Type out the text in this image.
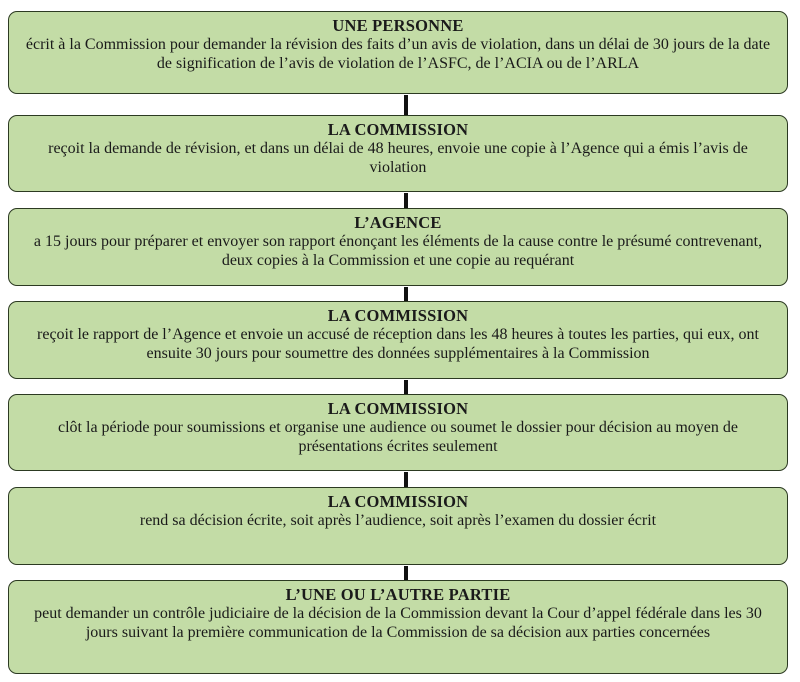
UNE PERSONNE
écrit à la Commission pour demander la révision des faits d’un avis de violation, dans un délai de 30 jours de la date de signification de l’avis de violation de l’ASFC, de l’ACIA ou de l’ARLA
LA COMMISSION
reçoit la demande de révision, et dans un délai de 48 heures, envoie une copie à l’Agence qui a émis l’avis de violation
L’AGENCE
a 15 jours pour préparer et envoyer son rapport énonçant les éléments de la cause contre le présumé contrevenant, deux copies à la Commission et une copie au requérant
LA COMMISSION
reçoit le rapport de l’Agence et envoie un accusé de réception dans les 48 heures à toutes les parties, qui eux, ont ensuite 30 jours pour soumettre des données supplémentaires à la Commission
LA COMMISSION
clôt la période pour soumissions et organise une audience ou soumet le dossier pour décision au moyen de présentations écrites seulement
LA COMMISSION
rend sa décision écrite, soit après l’audience, soit après l’examen du dossier écrit
L’UNE OU L’AUTRE PARTIE
peut demander un contrôle judiciaire de la décision de la Commission devant la Cour d’appel fédérale dans les 30 jours suivant la première communication de la Commission de sa décision aux parties concernées
